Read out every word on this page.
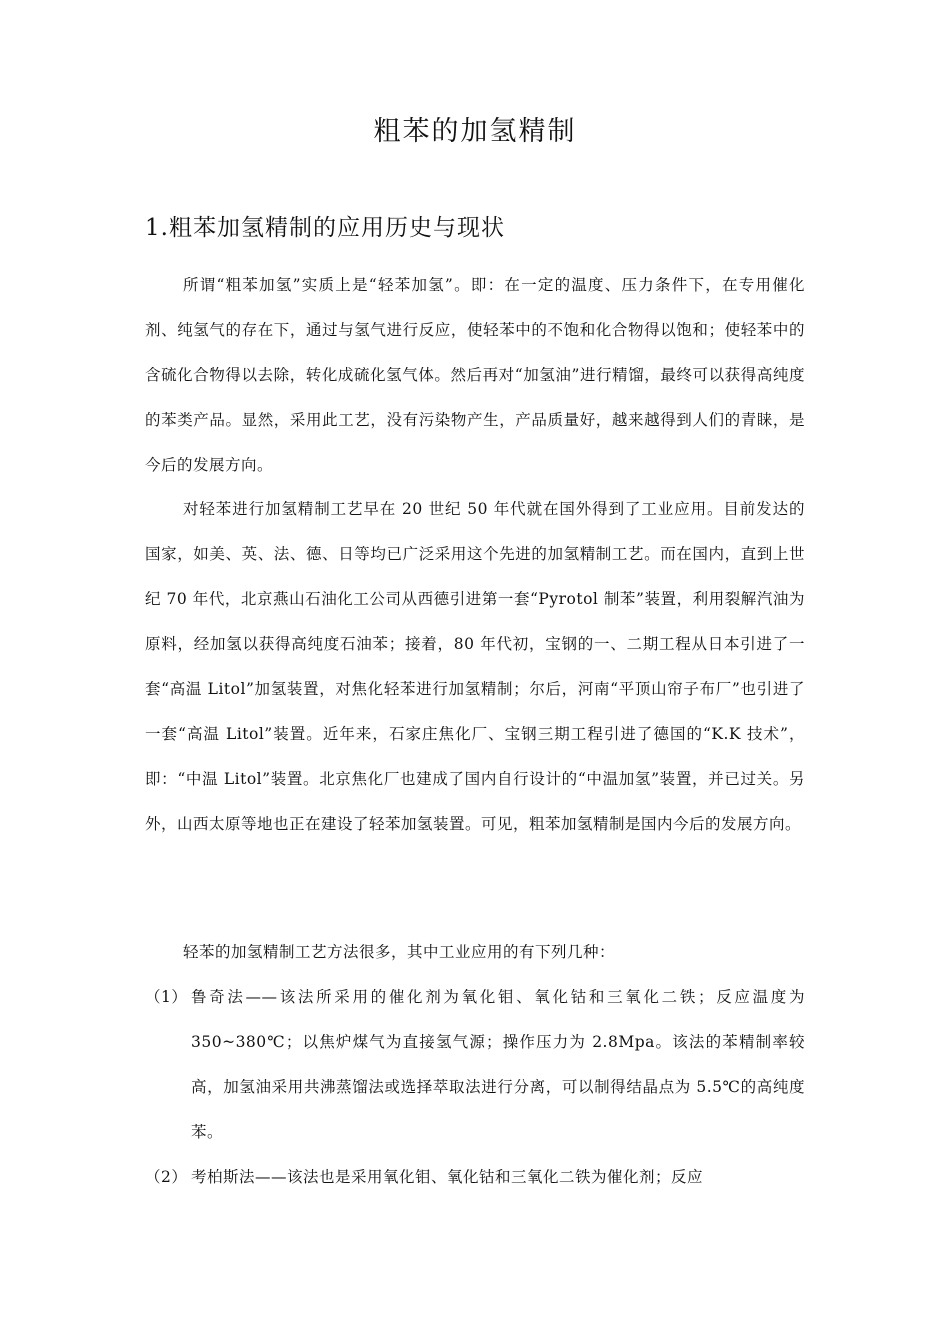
粗苯的加氢精制
1.粗苯加氢精制的应用历史与现状

所谓“粗苯加氢”实质上是“轻苯加氢”。即：在一定的温度、压力条件下，在专用催化剂、纯氢气的存在下，通过与氢气进行反应，使轻苯中的不饱和化合物得以饱和；使轻苯中的含硫化合物得以去除，转化成硫化氢气体。然后再对“加氢油”进行精馏，最终可以获得高纯度的苯类产品。显然，采用此工艺，没有污染物产生，产品质量好，越来越得到人们的青睐，是今后的发展方向。

对轻苯进行加氢精制工艺早在 20 世纪 50 年代就在国外得到了工业应用。目前发达的国家，如美、英、法、德、日等均已广泛采用这个先进的加氢精制工艺。而在国内，直到上世纪 70 年代，北京燕山石油化工公司从西德引进第一套“Pyrotol 制苯”装置，利用裂解汽油为原料，经加氢以获得高纯度石油苯；接着，80 年代初，宝钢的一、二期工程从日本引进了一套“高温 Litol”加氢装置，对焦化轻苯进行加氢精制；尔后，河南“平顶山帘子布厂”也引进了一套“高温 Litol”装置。近年来，石家庄焦化厂、宝钢三期工程引进了德国的“K.K 技术”，即：“中温 Litol”装置。北京焦化厂也建成了国内自行设计的“中温加氢”装置，并已过关。另外，山西太原等地也正在建设了轻苯加氢装置。可见，粗苯加氢精制是国内今后的发展方向。

轻苯的加氢精制工艺方法很多，其中工业应用的有下列几种：

（1） 鲁奇法——该法所采用的催化剂为氧化钼、氧化钴和三氧化二铁；反应温度为 350~380℃；以焦炉煤气为直接氢气源；操作压力为 2.8Mpa。该法的苯精制率较高，加氢油采用共沸蒸馏法或选择萃取法进行分离，可以制得结晶点为 5.5℃的高纯度苯。
（2） 考柏斯法——该法也是采用氧化钼、氧化钴和三氧化二铁为催化剂；反应
